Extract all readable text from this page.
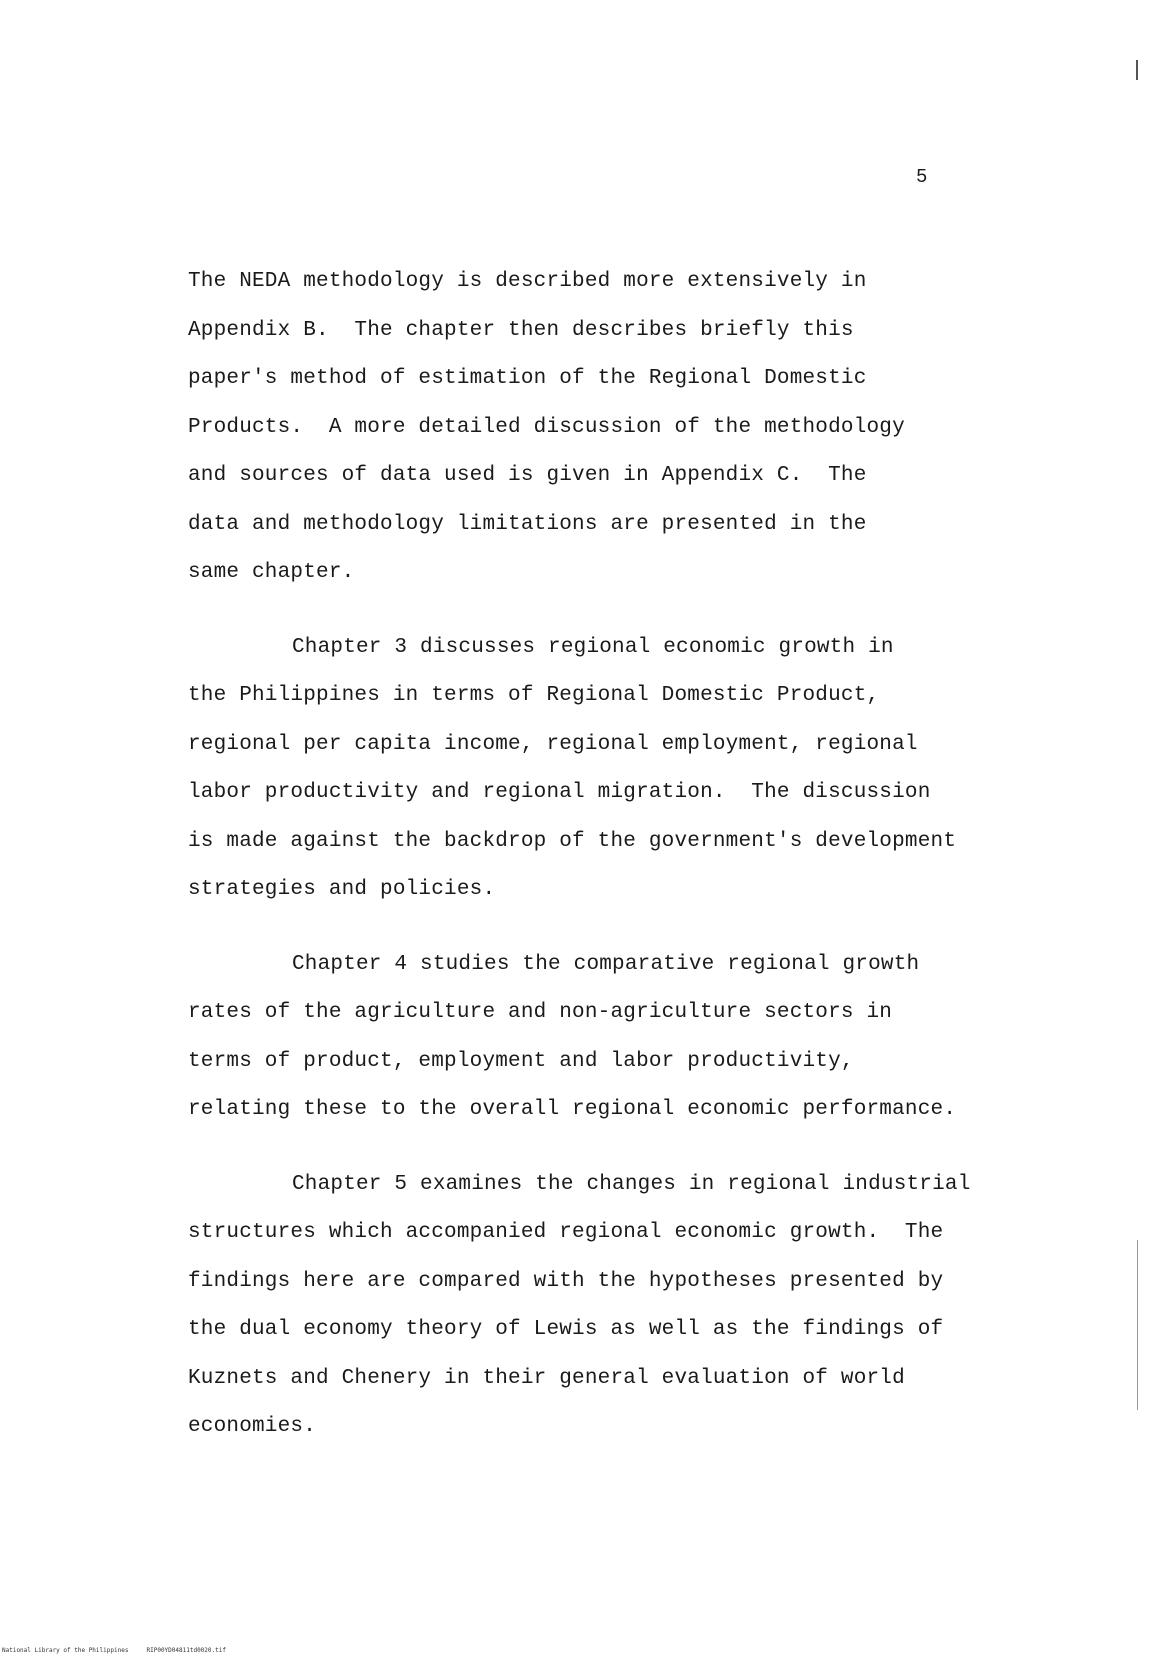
5

The NEDA methodology is described more extensively in
Appendix B.  The chapter then describes briefly this
paper's method of estimation of the Regional Domestic
Products.  A more detailed discussion of the methodology
and sources of data used is given in Appendix C.  The
data and methodology limitations are presented in the
same chapter.

Chapter 3 discusses regional economic growth in
the Philippines in terms of Regional Domestic Product,
regional per capita income, regional employment, regional
labor productivity and regional migration.  The discussion
is made against the backdrop of the government's development
strategies and policies.

Chapter 4 studies the comparative regional growth
rates of the agriculture and non-agriculture sectors in
terms of product, employment and labor productivity,
relating these to the overall regional economic performance.

Chapter 5 examines the changes in regional industrial
structures which accompanied regional economic growth.  The
findings here are compared with the hypotheses presented by
the dual economy theory of Lewis as well as the findings of
Kuznets and Chenery in their general evaluation of world
economies.

National Library of the Philippines	RIP00YD04811td0020.tif
